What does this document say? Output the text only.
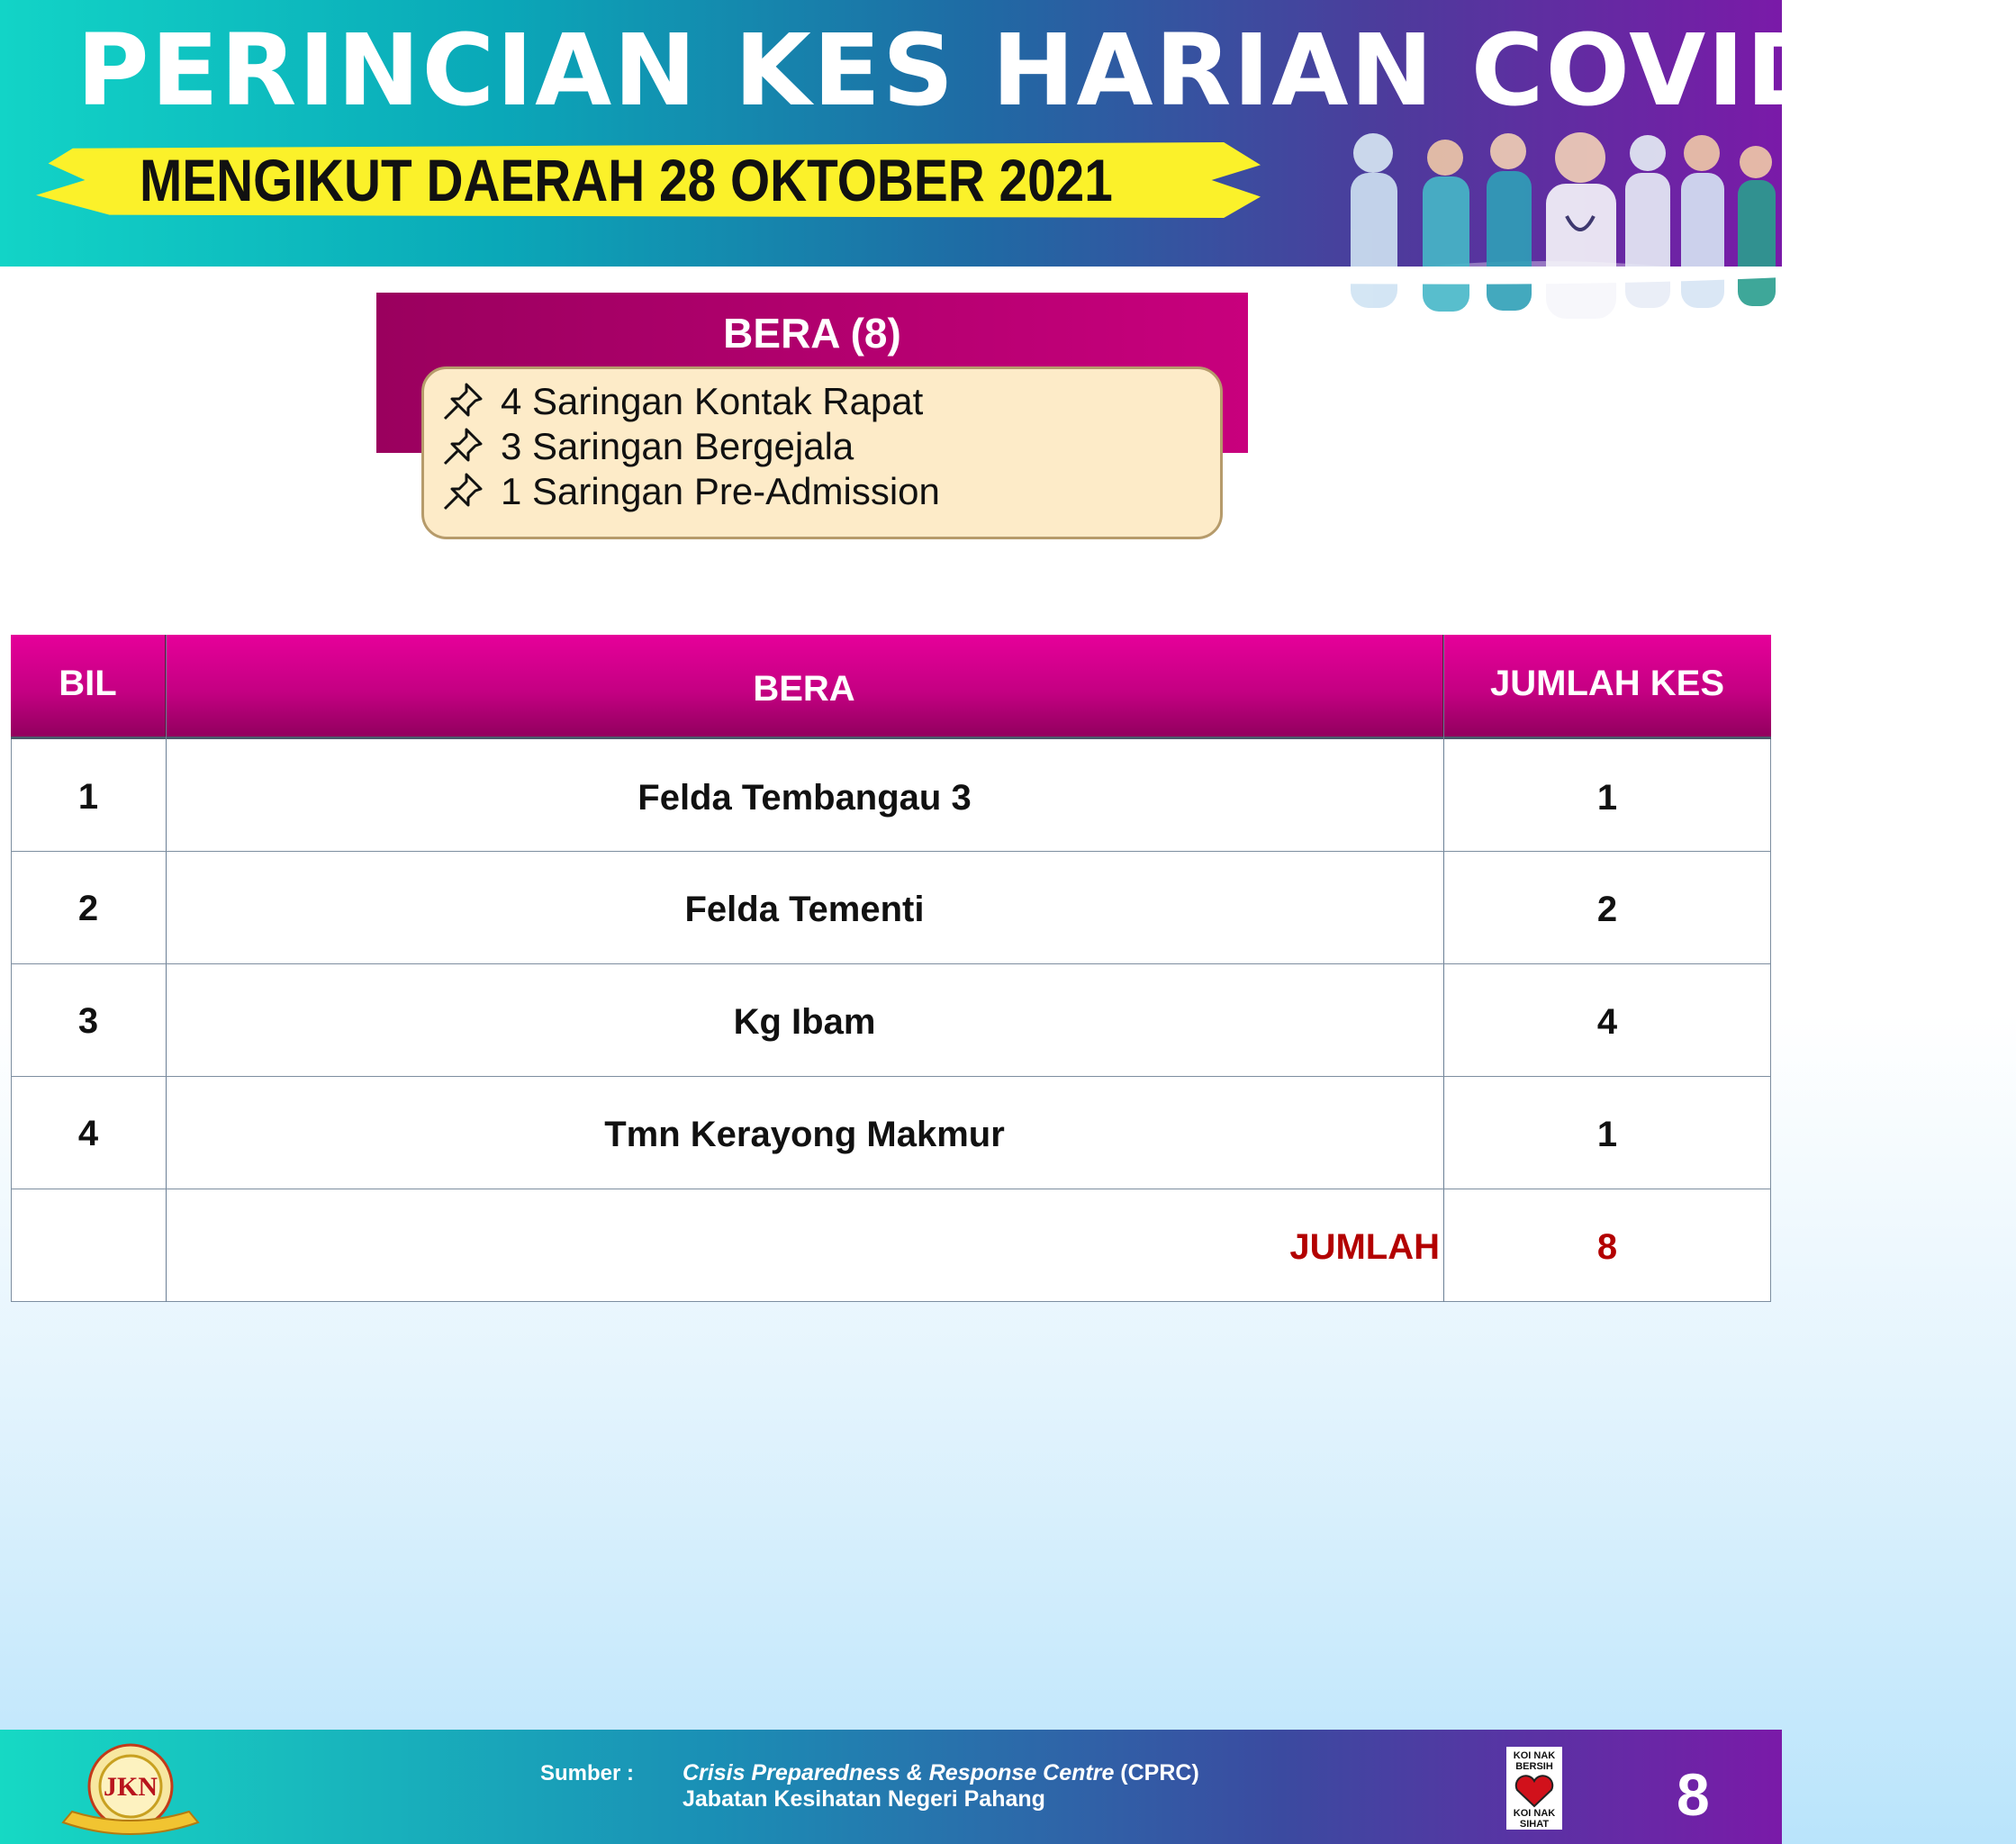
PERINCIAN KES HARIAN COVID-19
MENGIKUT DAERAH 28 OKTOBER 2021
BERA (8)
4 Saringan Kontak Rapat
3 Saringan Bergejala
1 Saringan Pre-Admission
BIL	BERA	JUMLAH KES
1	Felda Tembangau 3	1
2	Felda Tementi	2
3	Kg Ibam	4
4	Tmn Kerayong Makmur	1
JUMLAH	8
JKN	Sumber : Crisis Preparedness & Response Centre (CPRC)
Jabatan Kesihatan Negeri Pahang
KOI NAK BERSIH
KOI NAK SIHAT 8
